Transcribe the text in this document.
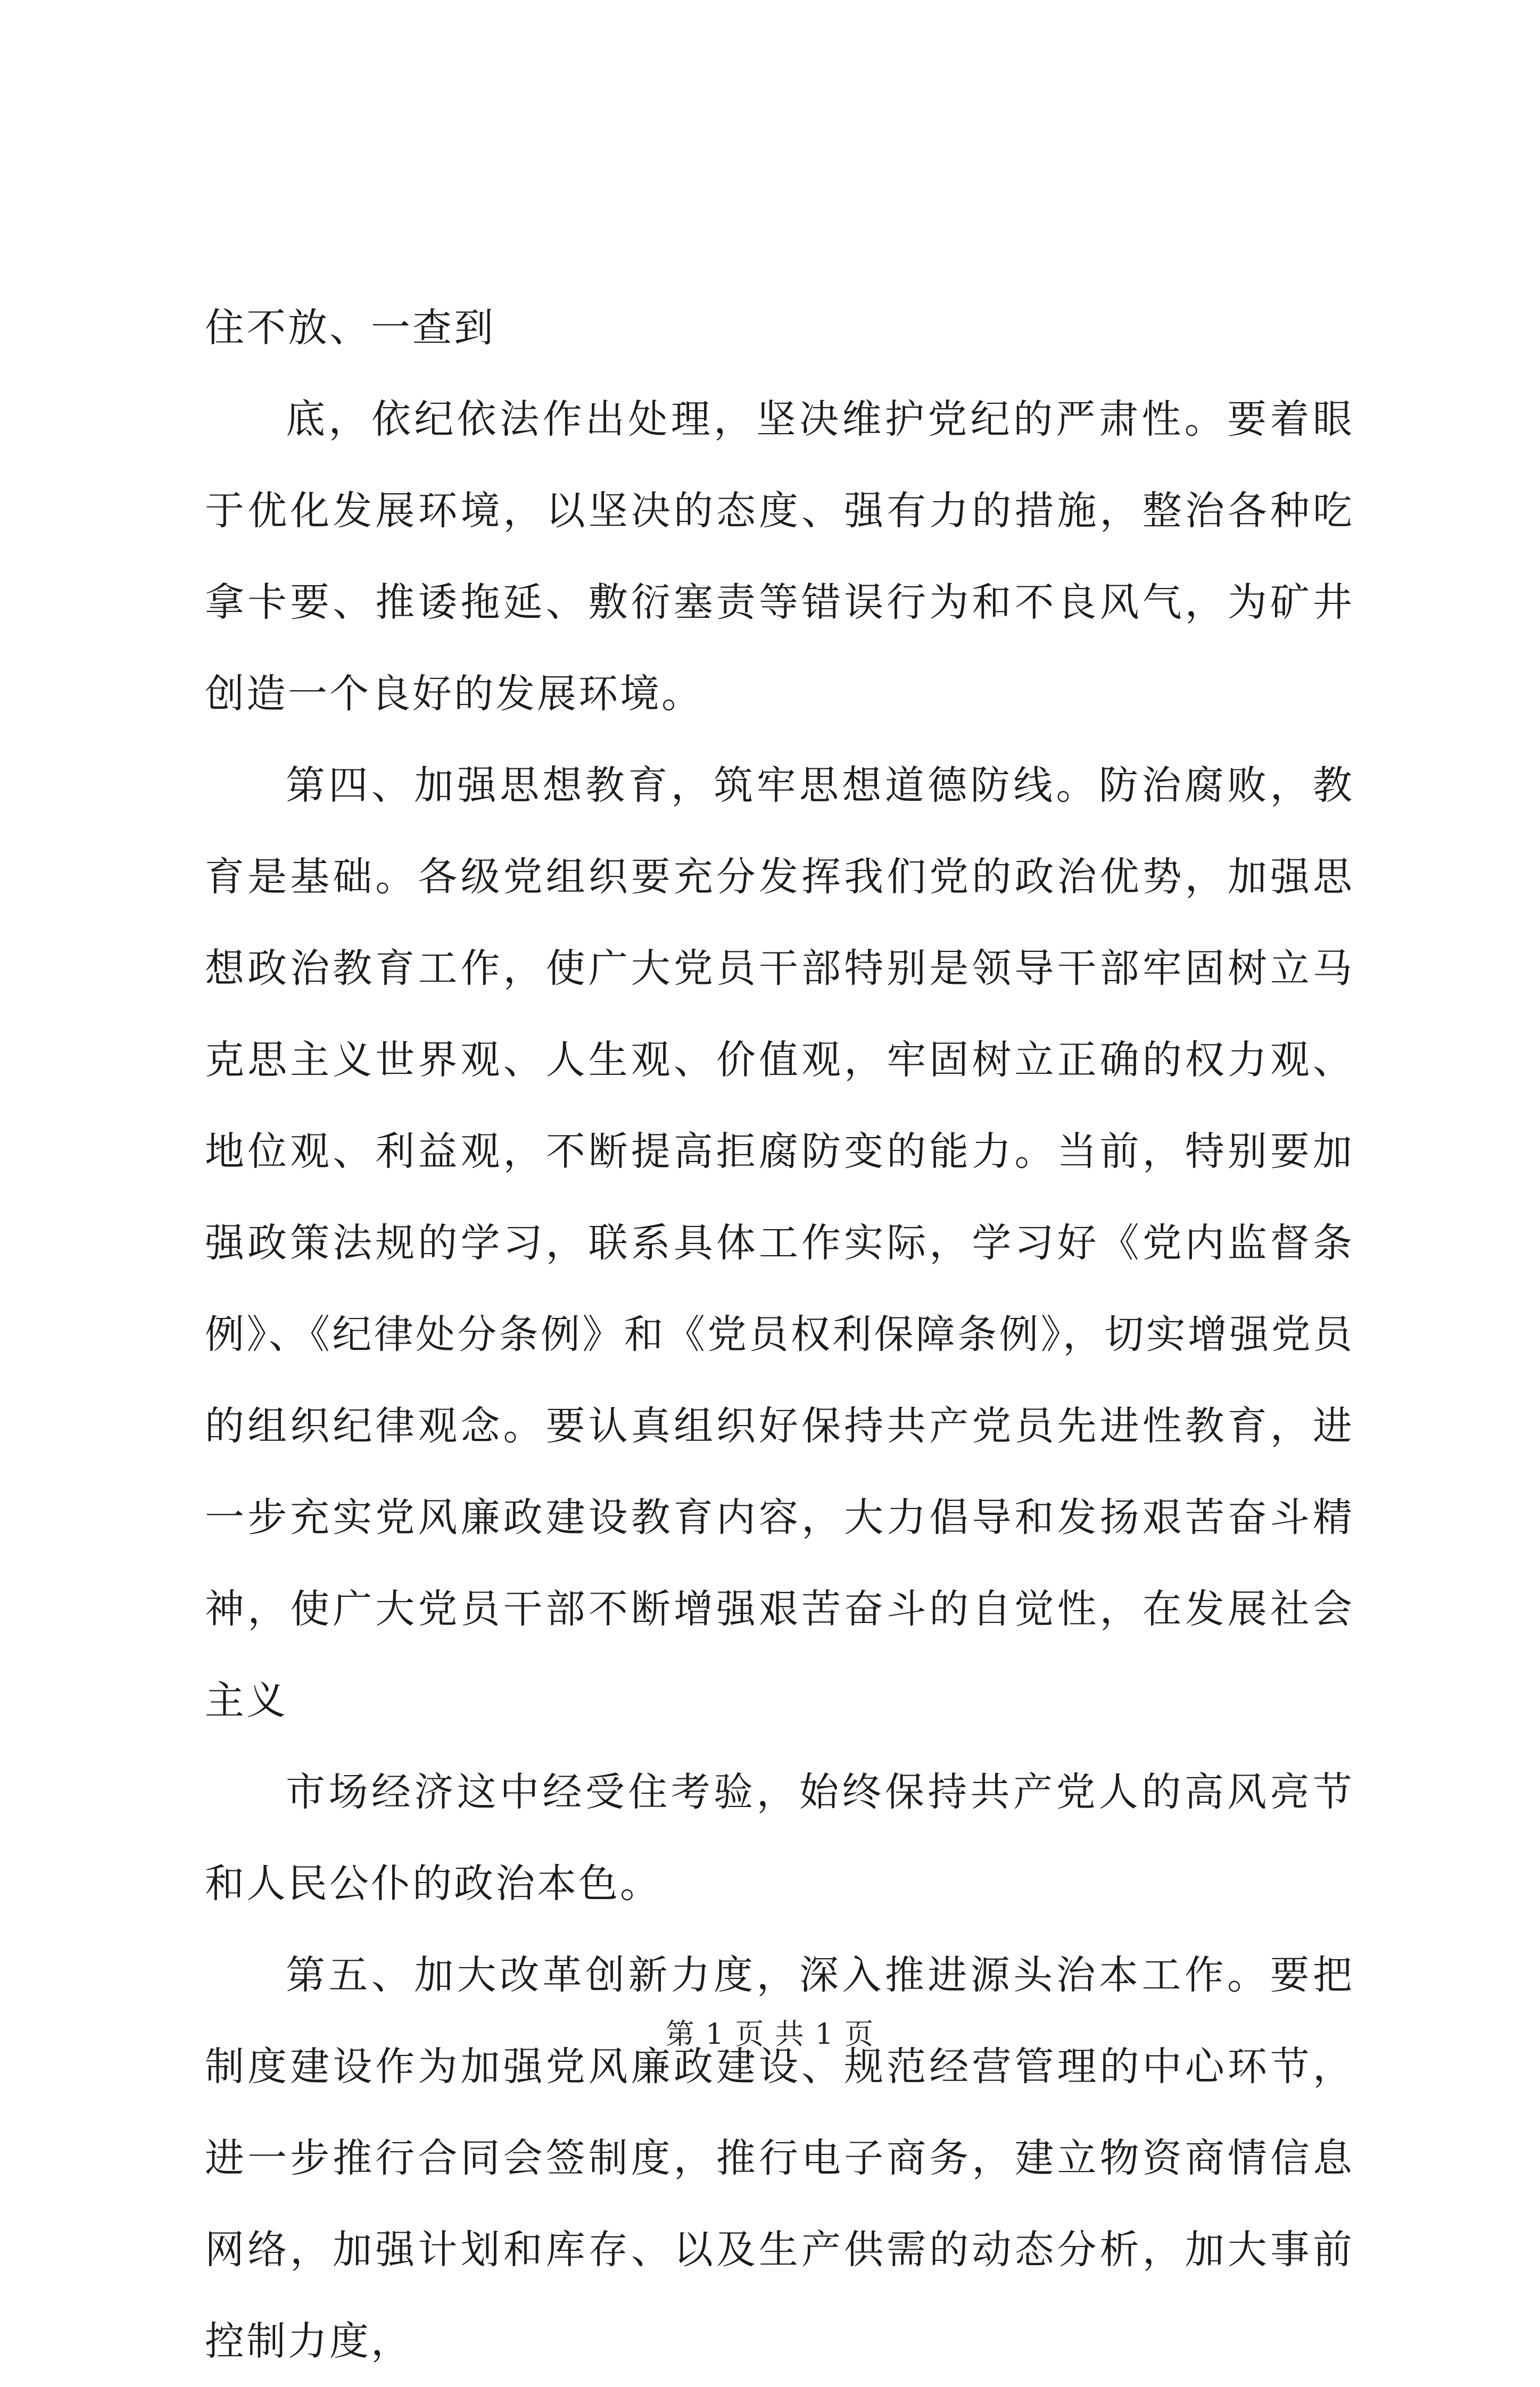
住不放、一查到

底，依纪依法作出处理，坚决维护党纪的严肃性。要着眼于优化发展环境，以坚决的态度、强有力的措施，整治各种吃拿卡要、推诿拖延、敷衍塞责等错误行为和不良风气，为矿井创造一个良好的发展环境。

第四、加强思想教育，筑牢思想道德防线。防治腐败，教育是基础。各级党组织要充分发挥我们党的政治优势，加强思想政治教育工作，使广大党员干部特别是领导干部牢固树立马克思主义世界观、人生观、价值观，牢固树立正确的权力观、地位观、利益观，不断提高拒腐防变的能力。当前，特别要加强政策法规的学习，联系具体工作实际，学习好《党内监督条例》、《纪律处分条例》和《党员权利保障条例》，切实增强党员的组织纪律观念。要认真组织好保持共产党员先进性教育，进一步充实党风廉政建设教育内容，大力倡导和发扬艰苦奋斗精神，使广大党员干部不断增强艰苦奋斗的自觉性，在发展社会主义

市场经济这中经受住考验，始终保持共产党人的高风亮节和人民公仆的政治本色。

第五、加大改革创新力度，深入推进源头治本工作。要把制度建设作为加强党风廉政建设、规范经营管理的中心环节，进一步推行合同会签制度，推行电子商务，建立物资商情信息网络，加强计划和库存、以及生产供需的动态分析，加大事前控制力度，

第 1 页 共 1 页
